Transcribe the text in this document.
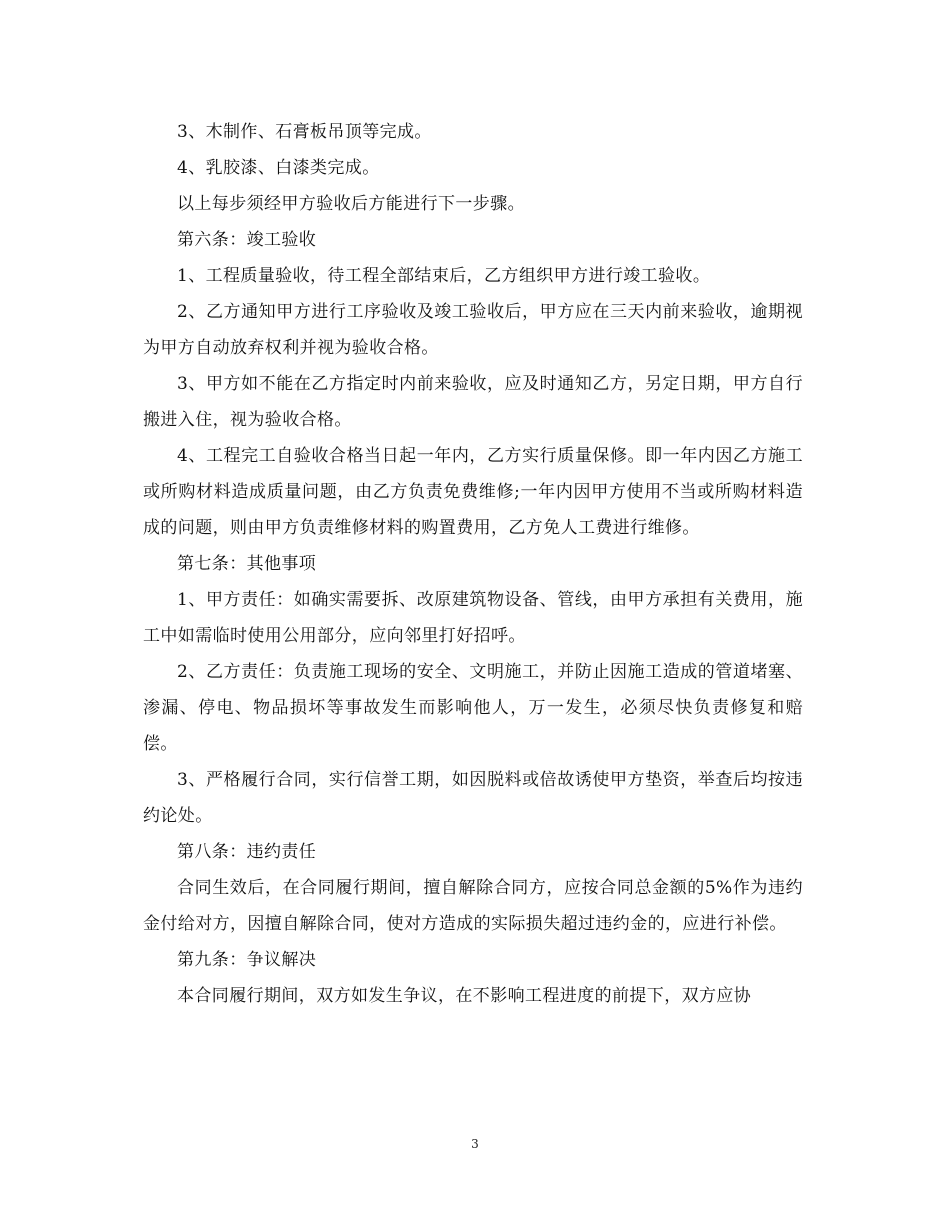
3、木制作、石膏板吊顶等完成。

4、乳胶漆、白漆类完成。

以上每步须经甲方验收后方能进行下一步骤。

第六条：竣工验收

1、工程质量验收，待工程全部结束后，乙方组织甲方进行竣工验收。

2、乙方通知甲方进行工序验收及竣工验收后，甲方应在三天内前来验收，逾期视为甲方自动放弃权利并视为验收合格。

3、甲方如不能在乙方指定时内前来验收，应及时通知乙方，另定日期，甲方自行搬进入住，视为验收合格。

4、工程完工自验收合格当日起一年内，乙方实行质量保修。即一年内因乙方施工或所购材料造成质量问题，由乙方负责免费维修;一年内因甲方使用不当或所购材料造成的问题，则由甲方负责维修材料的购置费用，乙方免人工费进行维修。

第七条：其他事项

1、甲方责任：如确实需要拆、改原建筑物设备、管线，由甲方承担有关费用，施工中如需临时使用公用部分，应向邻里打好招呼。

2、乙方责任：负责施工现场的安全、文明施工，并防止因施工造成的管道堵塞、渗漏、停电、物品损坏等事故发生而影响他人，万一发生，必须尽快负责修复和赔偿。

3、严格履行合同，实行信誉工期，如因脱料或倍故诱使甲方垫资，举查后均按违约论处。

第八条：违约责任

合同生效后，在合同履行期间，擅自解除合同方，应按合同总金额的5%作为违约金付给对方，因擅自解除合同，使对方造成的实际损失超过违约金的，应进行补偿。

第九条：争议解决

本合同履行期间，双方如发生争议，在不影响工程进度的前提下，双方应协

3
